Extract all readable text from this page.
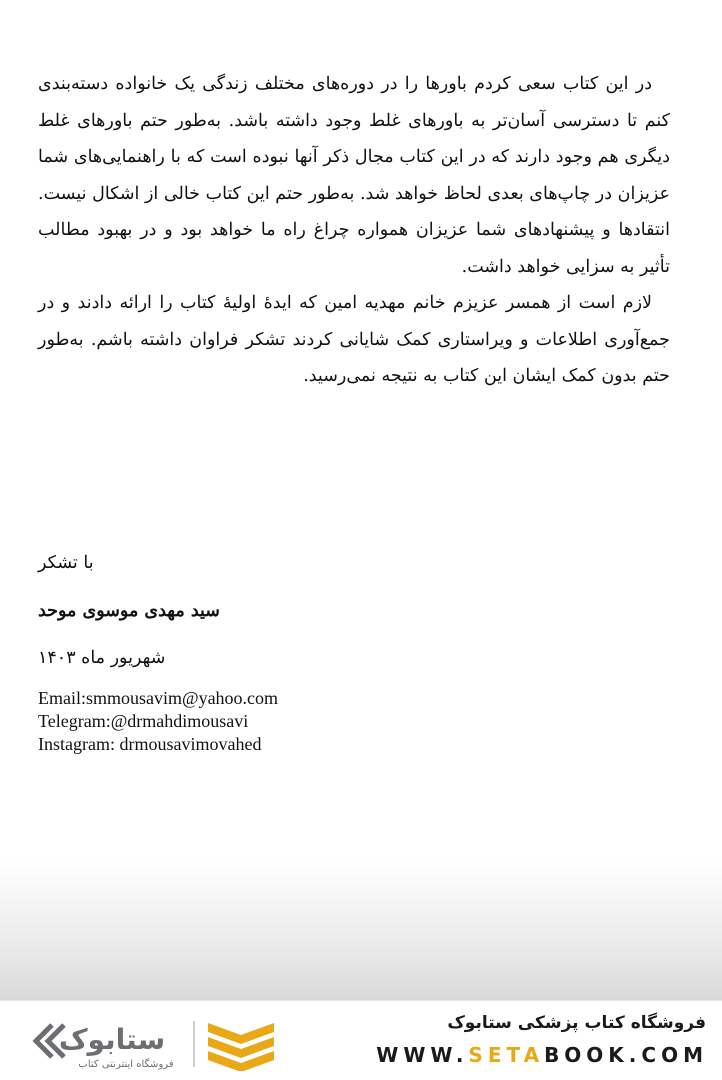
در این کتاب سعی کردم باورها را در دوره‌های مختلف زندگی یک خانواده دسته‌بندی کنم تا دسترسی آسان‌تر به باورهای غلط وجود داشته باشد. به‌طور حتم باورهای غلط دیگری هم وجود دارند که در این کتاب مجال ذکر آنها نبوده است که با راهنمایی‌های شما عزیزان در چاپ‌های بعدی لحاظ خواهد شد. به‌طور حتم این کتاب خالی از اشکال نیست. انتقادها و پیشنهادهای شما عزیزان همواره چراغ راه ما خواهد بود و در بهبود مطالب تأثیر به سزایی خواهد داشت.

لازم است از همسر عزیزم خانم مهدیه امین که ایدهٔ اولیهٔ کتاب را ارائه دادند و در جمع‌آوری اطلاعات و ویراستاری کمک شایانی کردند تشکر فراوان داشته باشم. به‌طور حتم بدون کمک ایشان این کتاب به نتیجه نمی‌رسید.

با تشکر
سید مهدی موسوی موحد
شهریور ماه ۱۴۰۳
Email:smmousavim@yahoo.com
Telegram:@drmahdimousavi
Instagram: drmousavimovahed
ستابوک
فروشگاه اینترنتی کتاب
فروشگاه کتاب پزشکی ستابوک
WWW.SETABOOK.COM
